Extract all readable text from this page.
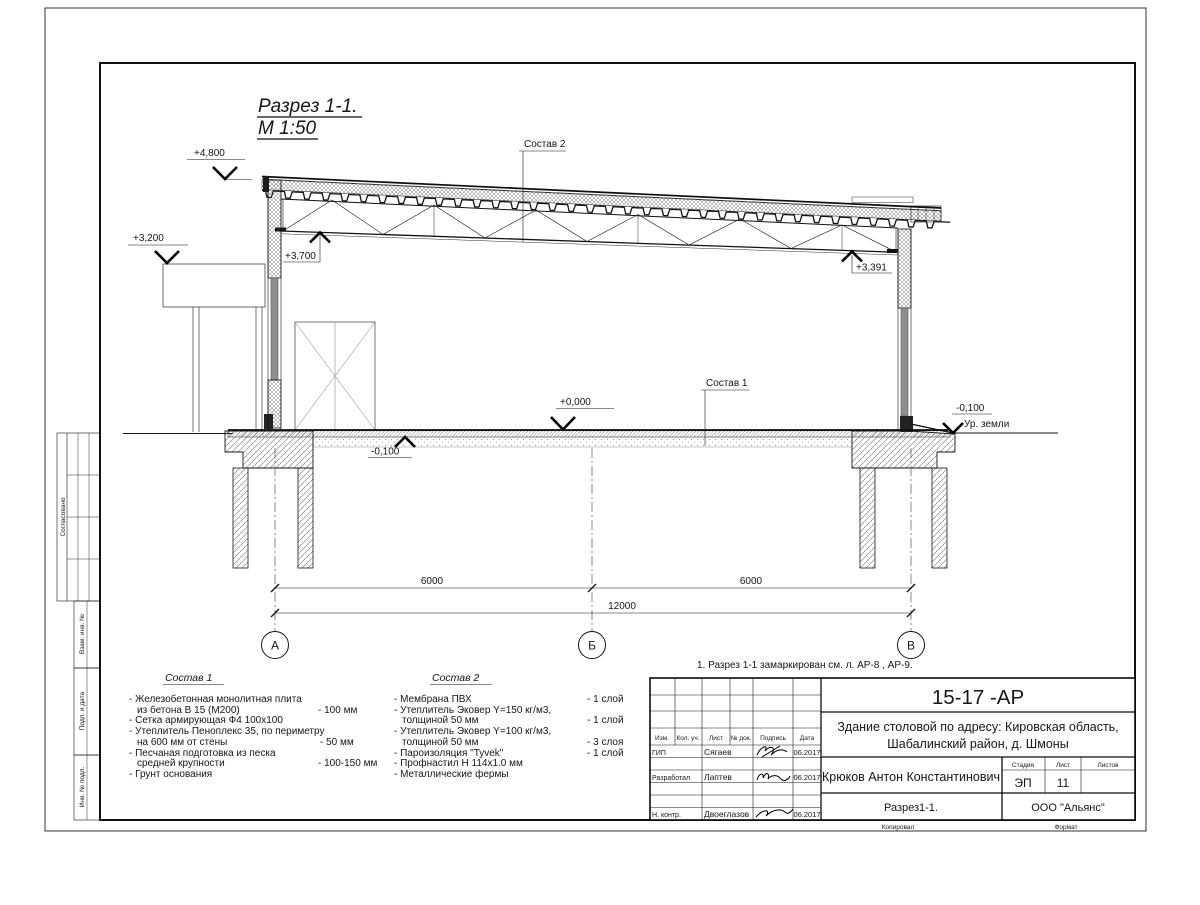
Согласовано
Взам. инв. №
Подп. и дата
Инв. № подл.
Разрез 1-1.
М 1:50
6000	6000
12000
А	Б	В
+4,800
+3,200
+3,700
+3,391
+0,000
-0,100
-0,100
Ур. земли
Состав 2
Состав 1
1. Разрез 1-1 замаркирован см. л. АР-8 , АР-9.
Состав 1
- Железобетонная монолитная плита
из бетона В 15 (М200)	- 100 мм
- Сетка армирующая Ф4 100х100
- Утеплитель Пеноплекс 35, по периметру
на 600 мм от стены	- 50 мм
- Песчаная подготовка из песка
средней крупности	- 100-150 мм
- Грунт основания
Состав 2
- Мембрана ПВХ	- 1 слой
- Утеплитель Эковер Y=150 кг/м3,
толщиной 50 мм	- 1 слой
- Утеплитель Эковер Y=100 кг/м3,
толщиной 50 мм	- 3 слоя
- Пароизоляция "Tyvek"	- 1 слой
- Профнастил Н 114х1.0 мм
- Металлические фермы
Изм. Кол. уч. Лист № док. Подпись Дата
ГИП	Сягаев	06.2017
Разработал Лаптев	06.2017
Н. контр.	Двоеглазов	06.2017
15-17 -АР
Здание столовой по адресу: Кировская область,
Шабалинский район, д. Шмоны
Крюков Антон Константинович
Стадия	Лист	Листов
ЭП 11
Разрез1-1.	ООО "Альянс"
Копировал	Формат
